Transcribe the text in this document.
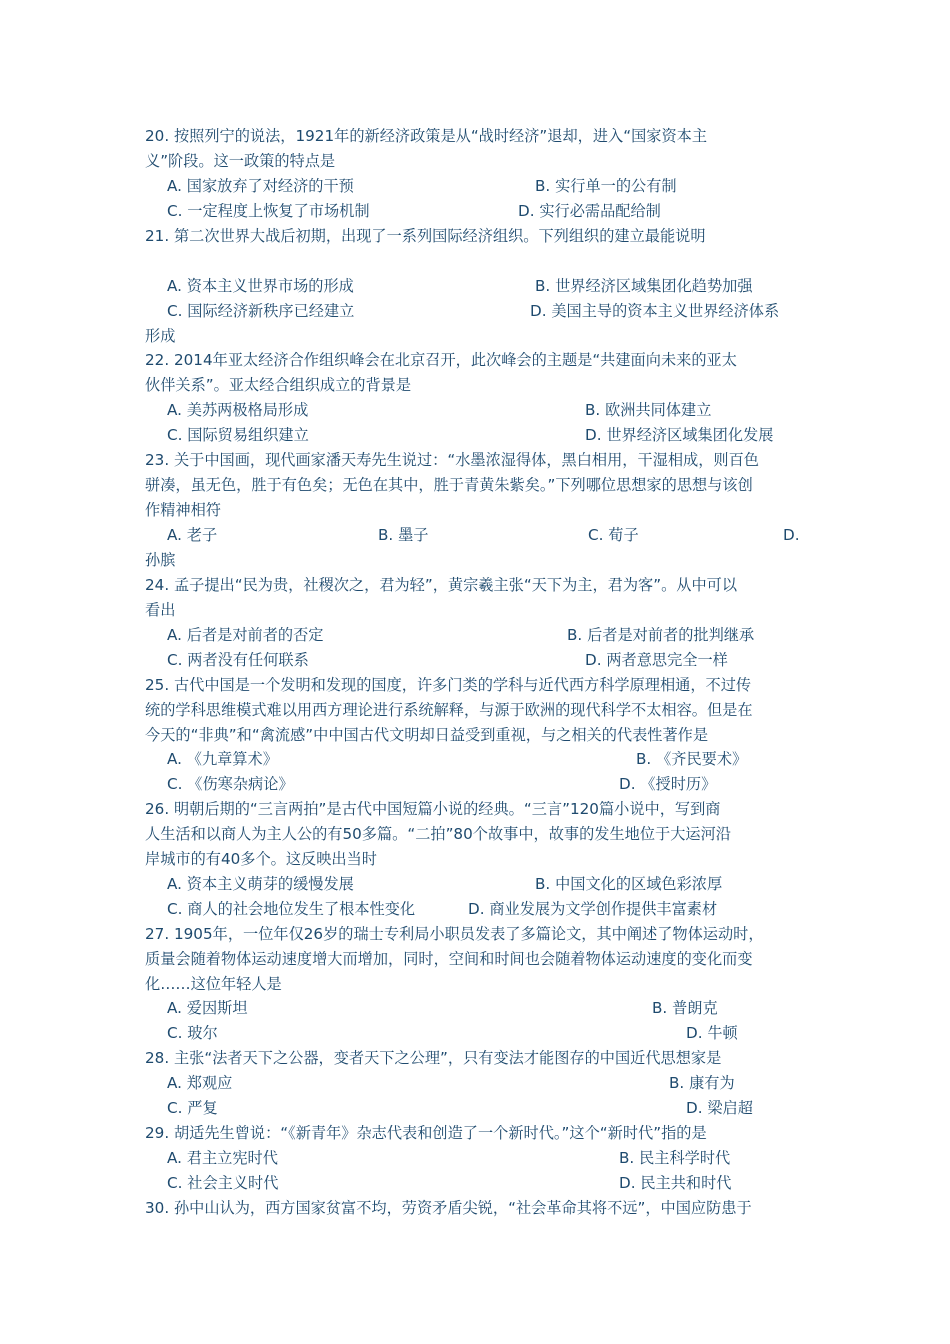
20. 按照列宁的说法，1921年的新经济政策是从“战时经济”退却，进入“国家资本主
义”阶段。这一政策的特点是
A. 国家放弃了对经济的干预	B. 实行单一的公有制
C. 一定程度上恢复了市场机制	D. 实行必需品配给制
21. 第二次世界大战后初期，出现了一系列国际经济组织。下列组织的建立最能说明
A. 资本主义世界市场的形成	B. 世界经济区域集团化趋势加强
C. 国际经济新秩序已经建立	D. 美国主导的资本主义世界经济体系
形成
22. 2014年亚太经济合作组织峰会在北京召开，此次峰会的主题是“共建面向未来的亚太
伙伴关系”。亚太经合组织成立的背景是
A. 美苏两极格局形成	B. 欧洲共同体建立
C. 国际贸易组织建立	D. 世界经济区域集团化发展
23. 关于中国画，现代画家潘天寿先生说过：“水墨浓湿得体，黑白相用，干湿相成，则百色
骈凑，虽无色，胜于有色矣；无色在其中，胜于青黄朱紫矣。”下列哪位思想家的思想与该创
作精神相符
A. 老子	B. 墨子	C. 荀子	D.
孙膑
24. 孟子提出“民为贵，社稷次之，君为轻”，黄宗羲主张“天下为主，君为客”。从中可以
看出
A. 后者是对前者的否定	B. 后者是对前者的批判继承
C. 两者没有任何联系	D. 两者意思完全一样
25. 古代中国是一个发明和发现的国度，许多门类的学科与近代西方科学原理相通，不过传
统的学科思维模式难以用西方理论进行系统解释，与源于欧洲的现代科学不太相容。但是在
今天的“非典”和“禽流感”中中国古代文明却日益受到重视，与之相关的代表性著作是
A. 《九章算术》	B. 《齐民要术》
C. 《伤寒杂病论》	D. 《授时历》
26. 明朝后期的“三言两拍”是古代中国短篇小说的经典。“三言”120篇小说中，写到商
人生活和以商人为主人公的有50多篇。“二拍”80个故事中，故事的发生地位于大运河沿
岸城市的有40多个。这反映出当时
A. 资本主义萌芽的缓慢发展	B. 中国文化的区域色彩浓厚
C. 商人的社会地位发生了根本性变化	D. 商业发展为文学创作提供丰富素材
27. 1905年，一位年仅26岁的瑞士专利局小职员发表了多篇论文，其中阐述了物体运动时，
质量会随着物体运动速度增大而增加，同时，空间和时间也会随着物体运动速度的变化而变
化……这位年轻人是
A. 爱因斯坦	B. 普朗克
C. 玻尔	D. 牛顿
28. 主张“法者天下之公器，变者天下之公理”，只有变法才能图存的中国近代思想家是
A. 郑观应	B. 康有为
C. 严复	D. 梁启超
29. 胡适先生曾说：“《新青年》杂志代表和创造了一个新时代。”这个“新时代”指的是
A. 君主立宪时代	B. 民主科学时代
C. 社会主义时代	D. 民主共和时代
30. 孙中山认为，西方国家贫富不均，劳资矛盾尖锐，“社会革命其将不远”，中国应防患于
